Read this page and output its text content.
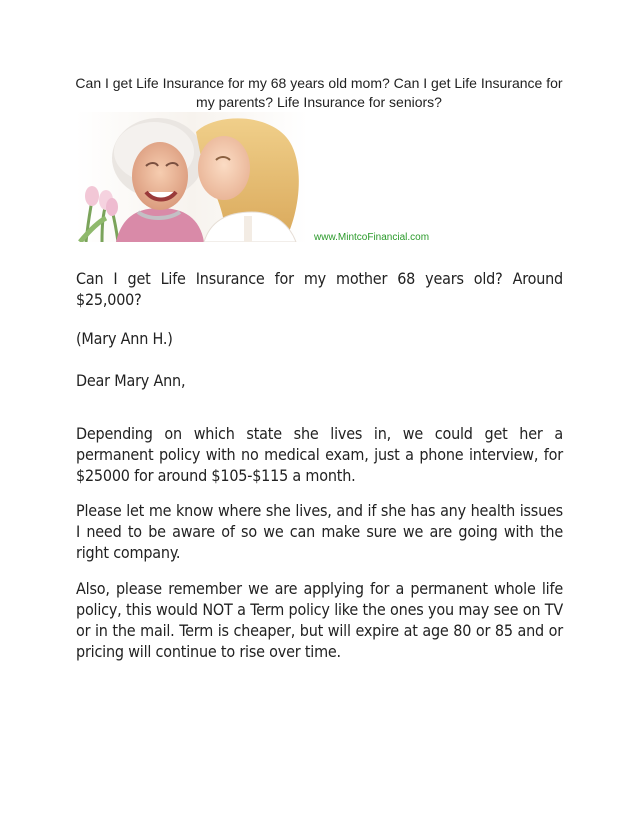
Can I get Life Insurance for my 68 years old mom? Can I get Life Insurance for my parents? Life Insurance for seniors?

www.MintcoFinancial.com

Can I get Life Insurance for my mother 68 years old? Around $25,000?

(Mary Ann H.)

Dear Mary Ann,

Depending on which state she lives in, we could get her a permanent policy with no medical exam, just a phone interview, for $25000 for around $105-$115 a month.

Please let me know where she lives, and if she has any health issues I need to be aware of so we can make sure we are going with the right company.

Also, please remember we are applying for a permanent whole life policy, this would NOT a Term policy like the ones you may see on TV or in the mail. Term is cheaper, but will expire at age 80 or 85 and or pricing will continue to rise over time.
